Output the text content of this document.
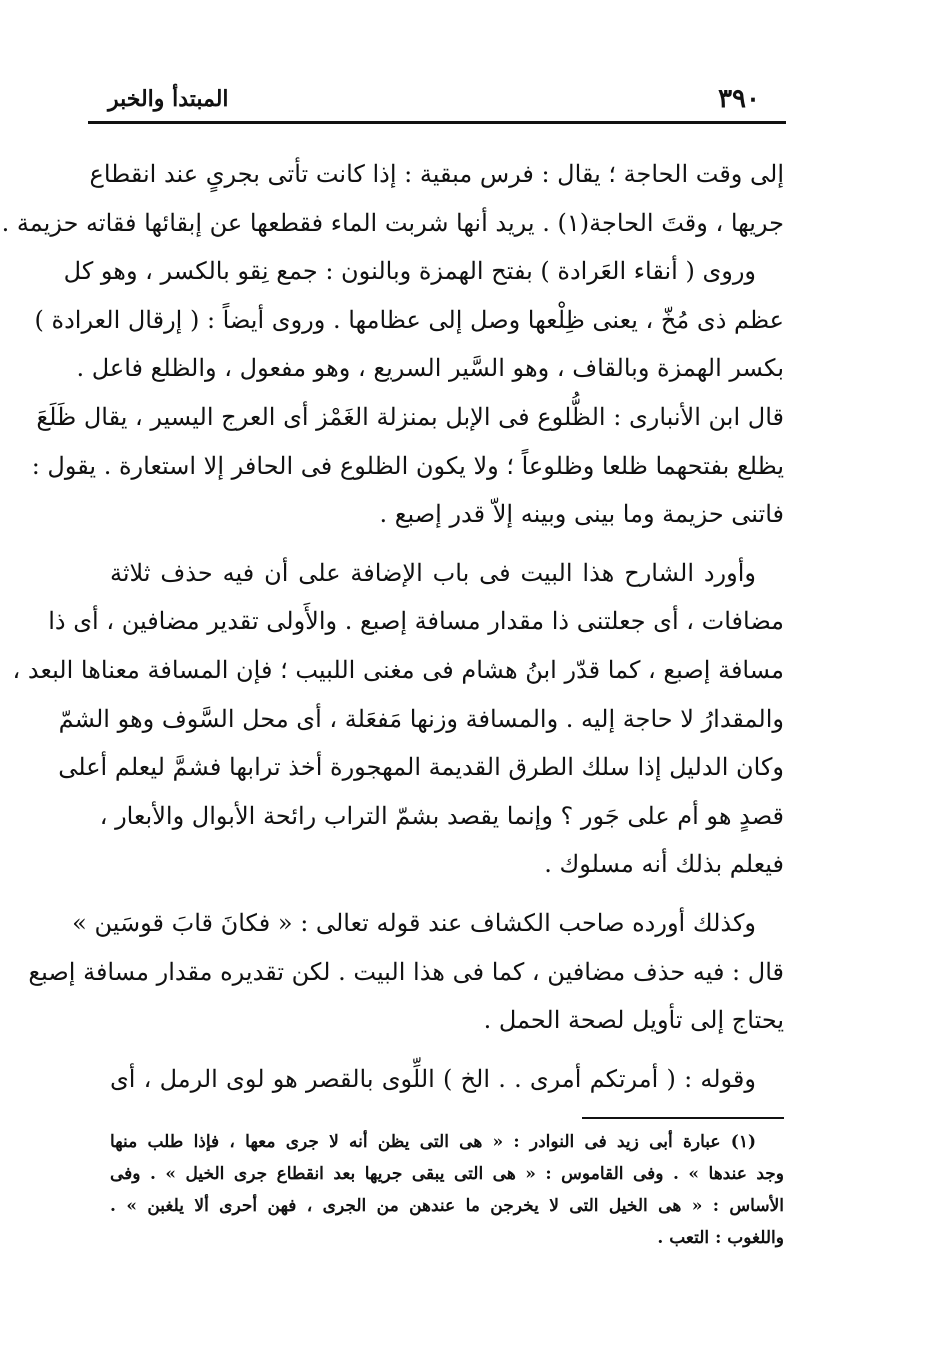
٣٩٠
المبتدأ والخبر
إلى وقت الحاجة ؛ يقال : فرس مبقية : إذا كانت تأتى بجرىٍ عند انقطاع
جريها ، وقتَ الحاجة(١) . يريد أنها شربت الماء فقطعها عن إبقائها فقاته حزيمة .
وروى ( أنقاء العَرادة ) بفتح الهمزة وبالنون : جمع نِقو بالكسر ، وهو كل
عظم ذى مُخّ ، يعنى ظِلْعها وصل إلى عظامها . وروى أيضاً : ( إرقال العرادة )
بكسر الهمزة وبالقاف ، وهو السَّير السريع ، وهو مفعول ، والظلع فاعل .
قال ابن الأنبارى : الظُّلوع فى الإبل بمنزلة الغَمْز أى العرج اليسير ، يقال ظَلَعَ
يظلع بفتحهما ظلعا وظلوعاً ؛ ولا يكون الظلوع فى الحافر إلا استعارة . يقول :
فاتنى حزيمة وما بينى وبينه إلاّ قدر إصبع .
وأورد الشارح هذا البيت فى باب الإضافة على أن فيه حذف ثلاثة
مضافات ، أى جعلتنى ذا مقدار مسافة إصبع . والأَولى تقدير مضافين ، أى ذا
مسافة إصبع ، كما قدّر ابنُ هشام فى مغنى اللبيب ؛ فإن المسافة معناها البعد ،
والمقدارُ لا حاجة إليه . والمسافة وزنها مَفعَلة ، أى محل السَّوف وهو الشمّ
وكان الدليل إذا سلك الطرق القديمة المهجورة أخذ ترابها فشمَّ ليعلم أعلى
قصدٍ هو أم على جَور ؟ وإنما يقصد بشمّ التراب رائحة الأبوال والأبعار ،
فيعلم بذلك أنه مسلوك .
وكذلك أورده صاحب الكشاف عند قوله تعالى : « فكانَ قابَ قوسَين »
قال : فيه حذف مضافين ، كما فى هذا البيت . لكن تقديره مقدار مسافة إصبع
يحتاج إلى تأويل لصحة الحمل .
وقوله : ( أمرتكم أمرى . . الخ ) اللِّوى بالقصر هو لوى الرمل ، أى
(١) عبارة أبى زيد فى النوادر : « هى التى يظن أنه لا جرى معها ، فإذا طلب منها
وجد عندها » . وفى القاموس : « هى التى يبقى جريها بعد انقطاع جرى الخيل » . وفى
الأساس : « هى الخيل التى لا يخرجن ما عندهن من الجرى ، فهن أحرى ألا يلغبن » .
واللغوب : التعب .
